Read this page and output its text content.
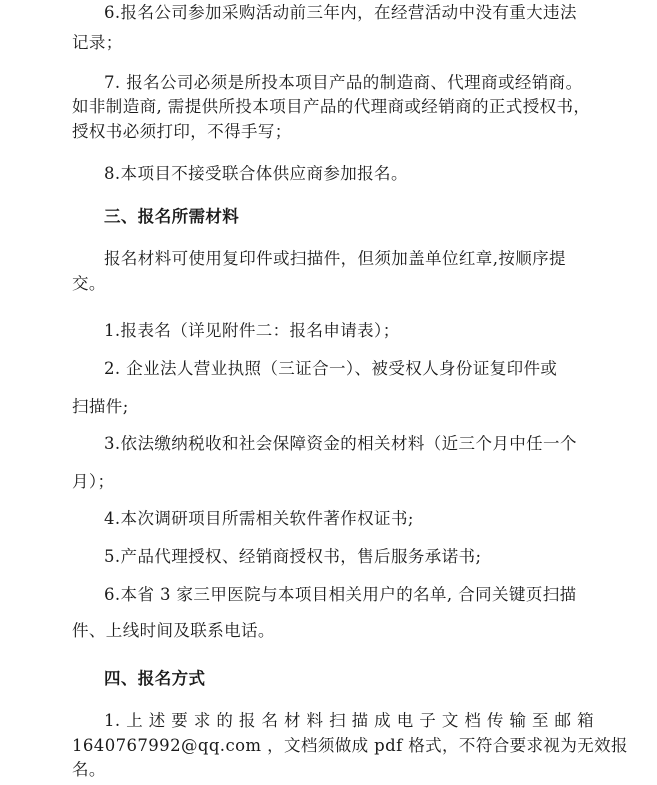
6.报名公司参加采购活动前三年内，在经营活动中没有重大违法
记录；
7. 报名公司必须是所投本项目产品的制造商、代理商或经销商。
如非制造商, 需提供所投本项目产品的代理商或经销商的正式授权书，
授权书必须打印，不得手写；
8.本项目不接受联合体供应商参加报名。
三、报名所需材料
报名材料可使用复印件或扫描件，但须加盖单位红章,按顺序提
交。
1.报表名（详见附件二：报名申请表）；
2. 企业法人营业执照（三证合一）、被受权人身份证复印件或
扫描件;
3.依法缴纳税收和社会保障资金的相关材料（近三个月中任一个
月）；
4.本次调研项目所需相关软件著作权证书;
5.产品代理授权、经销商授权书，售后服务承诺书;
6.本省 3 家三甲医院与本项目相关用户的名单, 合同关键页扫描
件、上线时间及联系电话。
四、报名方式
1. 上 述 要 求 的 报 名 材 料 扫 描 成 电 子 文 档 传 输 至 邮 箱
1640767992@qq.com ，文档须做成 pdf 格式，不符合要求视为无效报
名。
